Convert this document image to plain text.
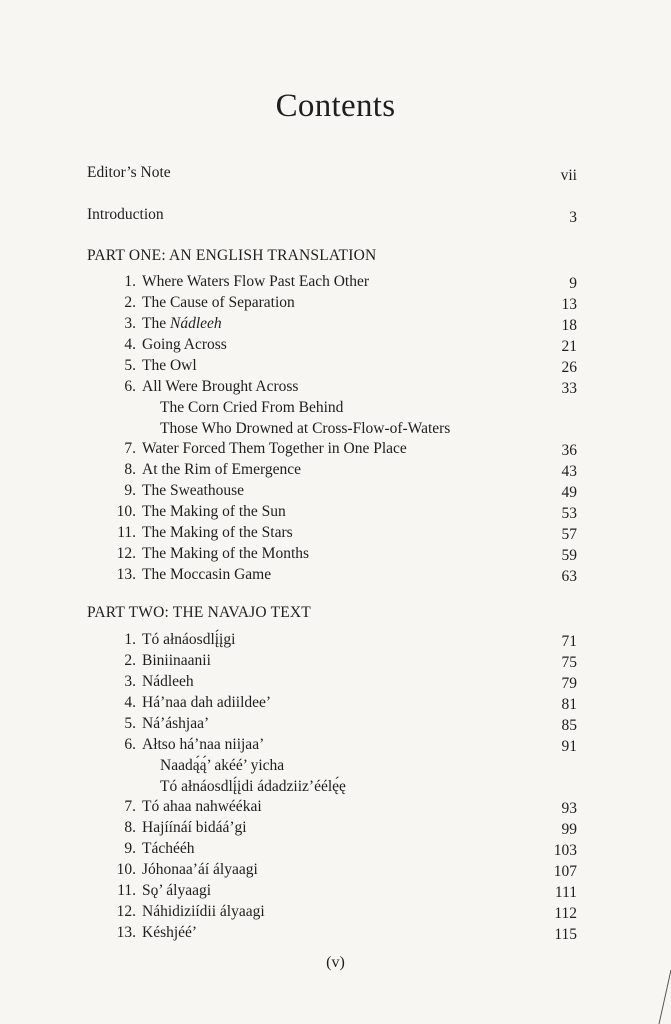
Contents
Editor’s Note	vii
Introduction	3
PART ONE: AN ENGLISH TRANSLATION
1. Where Waters Flow Past Each Other	9
2. The Cause of Separation	13
3. The Nádleeh	18
4. Going Across	21
5. The Owl	26
6. All Were Brought Across	33
The Corn Cried From Behind
Those Who Drowned at Cross-Flow-of-Waters
7. Water Forced Them Together in One Place	36
8. At the Rim of Emergence	43
9. The Sweathouse	49
10. The Making of the Sun	53
11. The Making of the Stars	57
12. The Making of the Months	59
13. The Moccasin Game	63
PART TWO: THE NAVAJO TEXT
1. Tó ałnáosdlį́įgi	71
2. Biniinaanii	75
3. Nádleeh	79
4. Há’naa dah adiildee’	81
5. Ná’áshjaa’	85
6. Ałtso há’naa niijaa’	91
Naadą́ą́’ akéé’ yicha
Tó ałnáosdlį́įdi ádadziiz’éélę́ę
7. Tó ahaa nahwéékai	93
8. Hajíínáí bidáá’gi	99
9. Táchééh	103
10. Jóhonaa’áí ályaagi	107
11. Sǫ’ ályaagi	111
12. Náhidiziídii ályaagi	112
13. Késhjéé’	115
(v)
